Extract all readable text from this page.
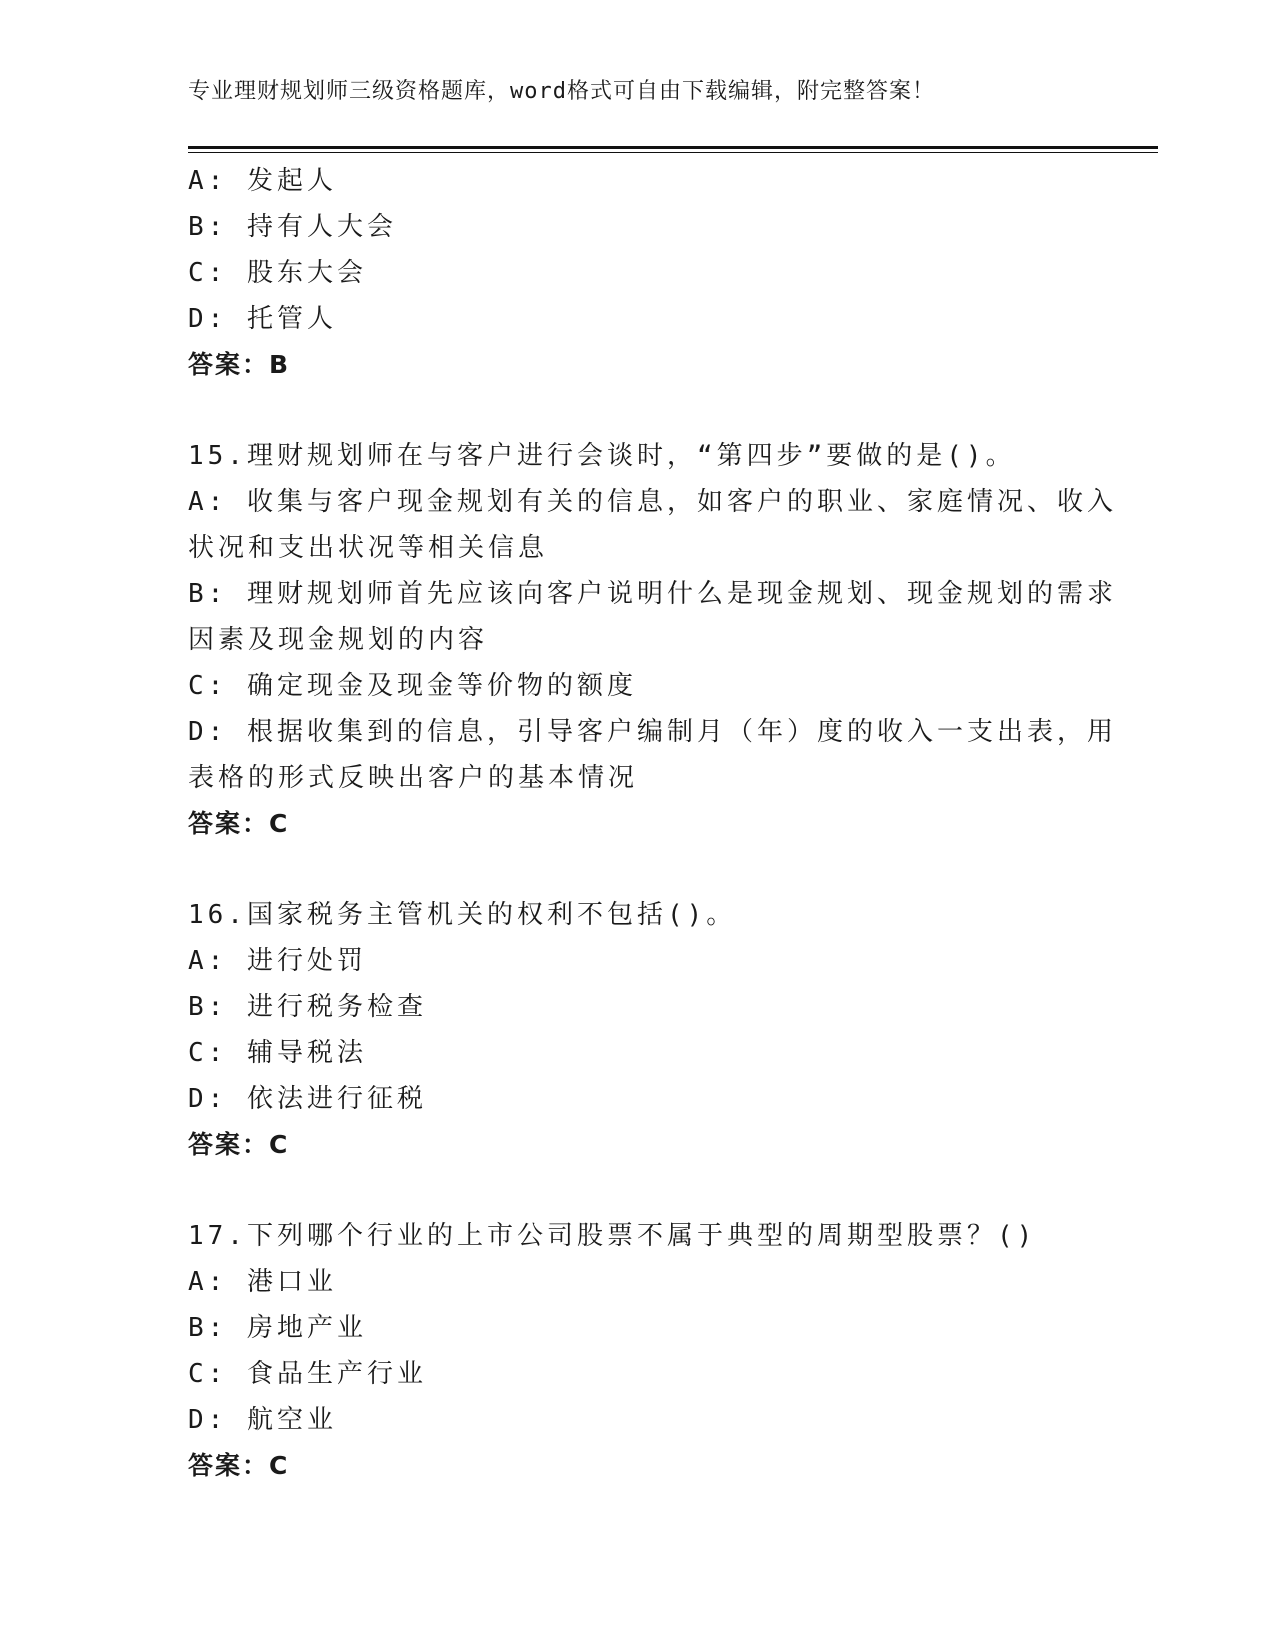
专业理财规划师三级资格题库，word格式可自由下载编辑，附完整答案！
A: 发起人
B: 持有人大会
C: 股东大会
D: 托管人
答案：B
15.理财规划师在与客户进行会谈时，“第四步”要做的是()。
A: 收集与客户现金规划有关的信息，如客户的职业、家庭情况、收入
状况和支出状况等相关信息
B: 理财规划师首先应该向客户说明什么是现金规划、现金规划的需求
因素及现金规划的内容
C: 确定现金及现金等价物的额度
D: 根据收集到的信息，引导客户编制月（年）度的收入一支出表，用
表格的形式反映出客户的基本情况
答案：C
16.国家税务主管机关的权利不包括()。
A: 进行处罚
B: 进行税务检查
C: 辅导税法
D: 依法进行征税
答案：C
17.下列哪个行业的上市公司股票不属于典型的周期型股票？()
A: 港口业
B: 房地产业
C: 食品生产行业
D: 航空业
答案：C
